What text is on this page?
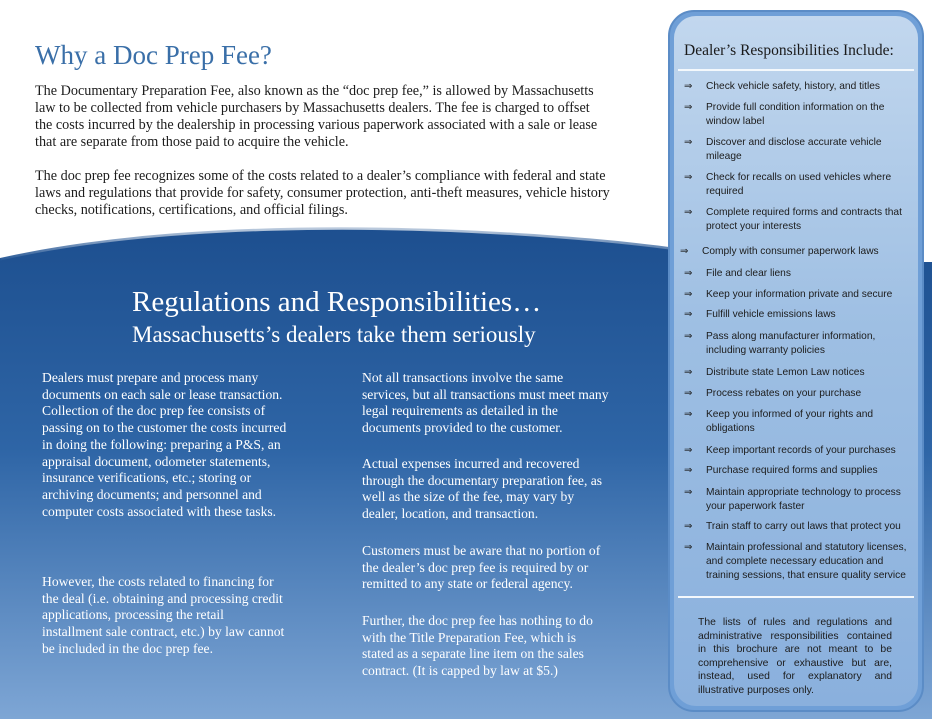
Why a Doc Prep Fee?

The Documentary Preparation Fee, also known as the “doc prep fee,” is allowed by Massachusetts law to be collected from vehicle purchasers by Massachusetts dealers. The fee is charged to offset the costs incurred by the dealership in processing various paperwork associated with a sale or lease that are separate from those paid to acquire the vehicle.

The doc prep fee recognizes some of the costs related to a dealer’s compliance with federal and state laws and regulations that provide for safety, consumer protection, anti-theft measures, vehicle history checks, notifications, certifications, and official filings.

Regulations and Responsibilities…
Massachusetts’s dealers take them seriously

Dealers must prepare and process many documents on each sale or lease transaction. Collection of the doc prep fee consists of passing on to the customer the costs incurred in doing the following: preparing a P&S, an appraisal document, odometer statements, insurance verifications, etc.; storing or archiving documents; and personnel and computer costs associated with these tasks.

However, the costs related to financing for the deal (i.e. obtaining and processing credit applications, processing the retail installment sale contract, etc.) by law cannot be included in the doc prep fee.

Not all transactions involve the same services, but all transactions must meet many legal requirements as detailed in the documents provided to the customer.

Actual expenses incurred and recovered through the documentary preparation fee, as well as the size of the fee, may vary by dealer, location, and transaction.

Customers must be aware that no portion of the dealer’s doc prep fee is required by or remitted to any state or federal agency.

Further, the doc prep fee has nothing to do with the Title Preparation Fee, which is stated as a separate line item on the sales contract. (It is capped by law at $5.)

Dealer’s Responsibilities Include:
⇒	Check vehicle safety, history, and titles
⇒	Provide full condition information on the window label
⇒	Discover and disclose accurate vehicle mileage
⇒	Check for recalls on used vehicles where required
⇒	Complete required forms and contracts that protect your interests
⇒	Comply with consumer paperwork laws
⇒	File and clear liens
⇒	Keep your information private and secure
⇒	Fulfill vehicle emissions laws
⇒	Pass along manufacturer information, including warranty policies
⇒	Distribute state Lemon Law notices
⇒	Process rebates on your purchase
⇒	Keep you informed of your rights and obligations
⇒	Keep important records of your purchases
⇒	Purchase required forms and supplies
⇒	Maintain appropriate technology to process your paperwork faster
⇒	Train staff to carry out laws that protect you
⇒	Maintain professional and statutory licenses, and complete necessary education and training sessions, that ensure quality service

The lists of rules and regulations and administrative responsibilities contained in this brochure are not meant to be comprehensive or exhaustive but are, instead, used for explanatory and illustrative purposes only.
